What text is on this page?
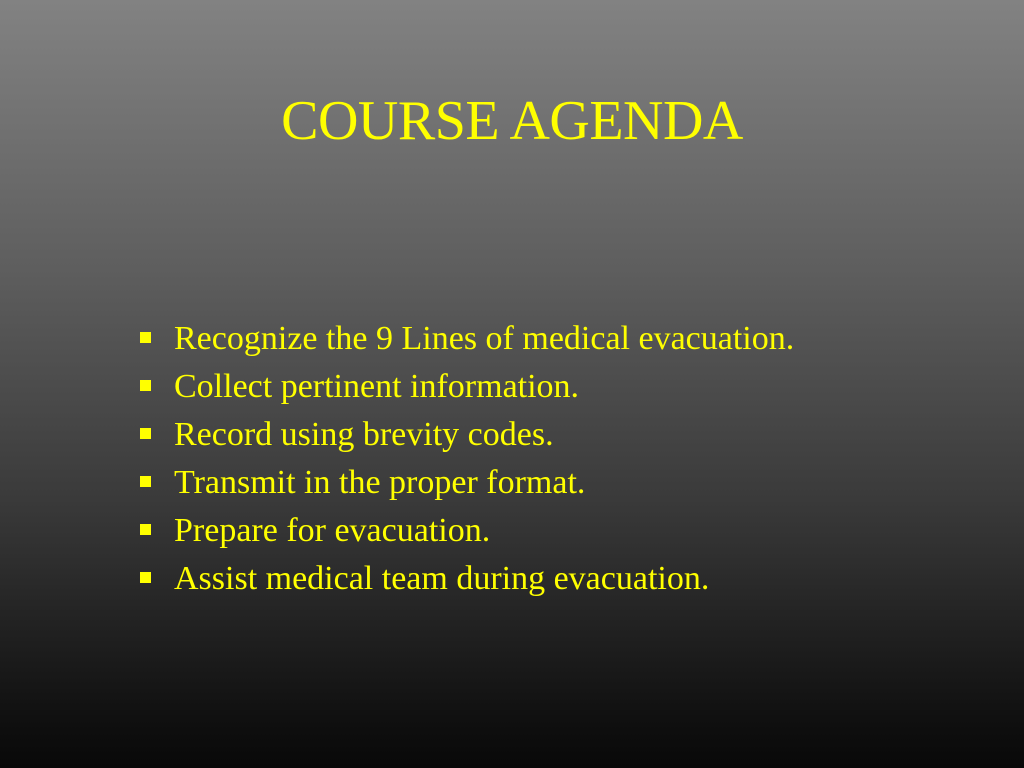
COURSE AGENDA
Recognize the 9 Lines of medical evacuation.
Collect pertinent information.
Record using brevity codes.
Transmit in the proper format.
Prepare for evacuation.
Assist medical team during evacuation.
